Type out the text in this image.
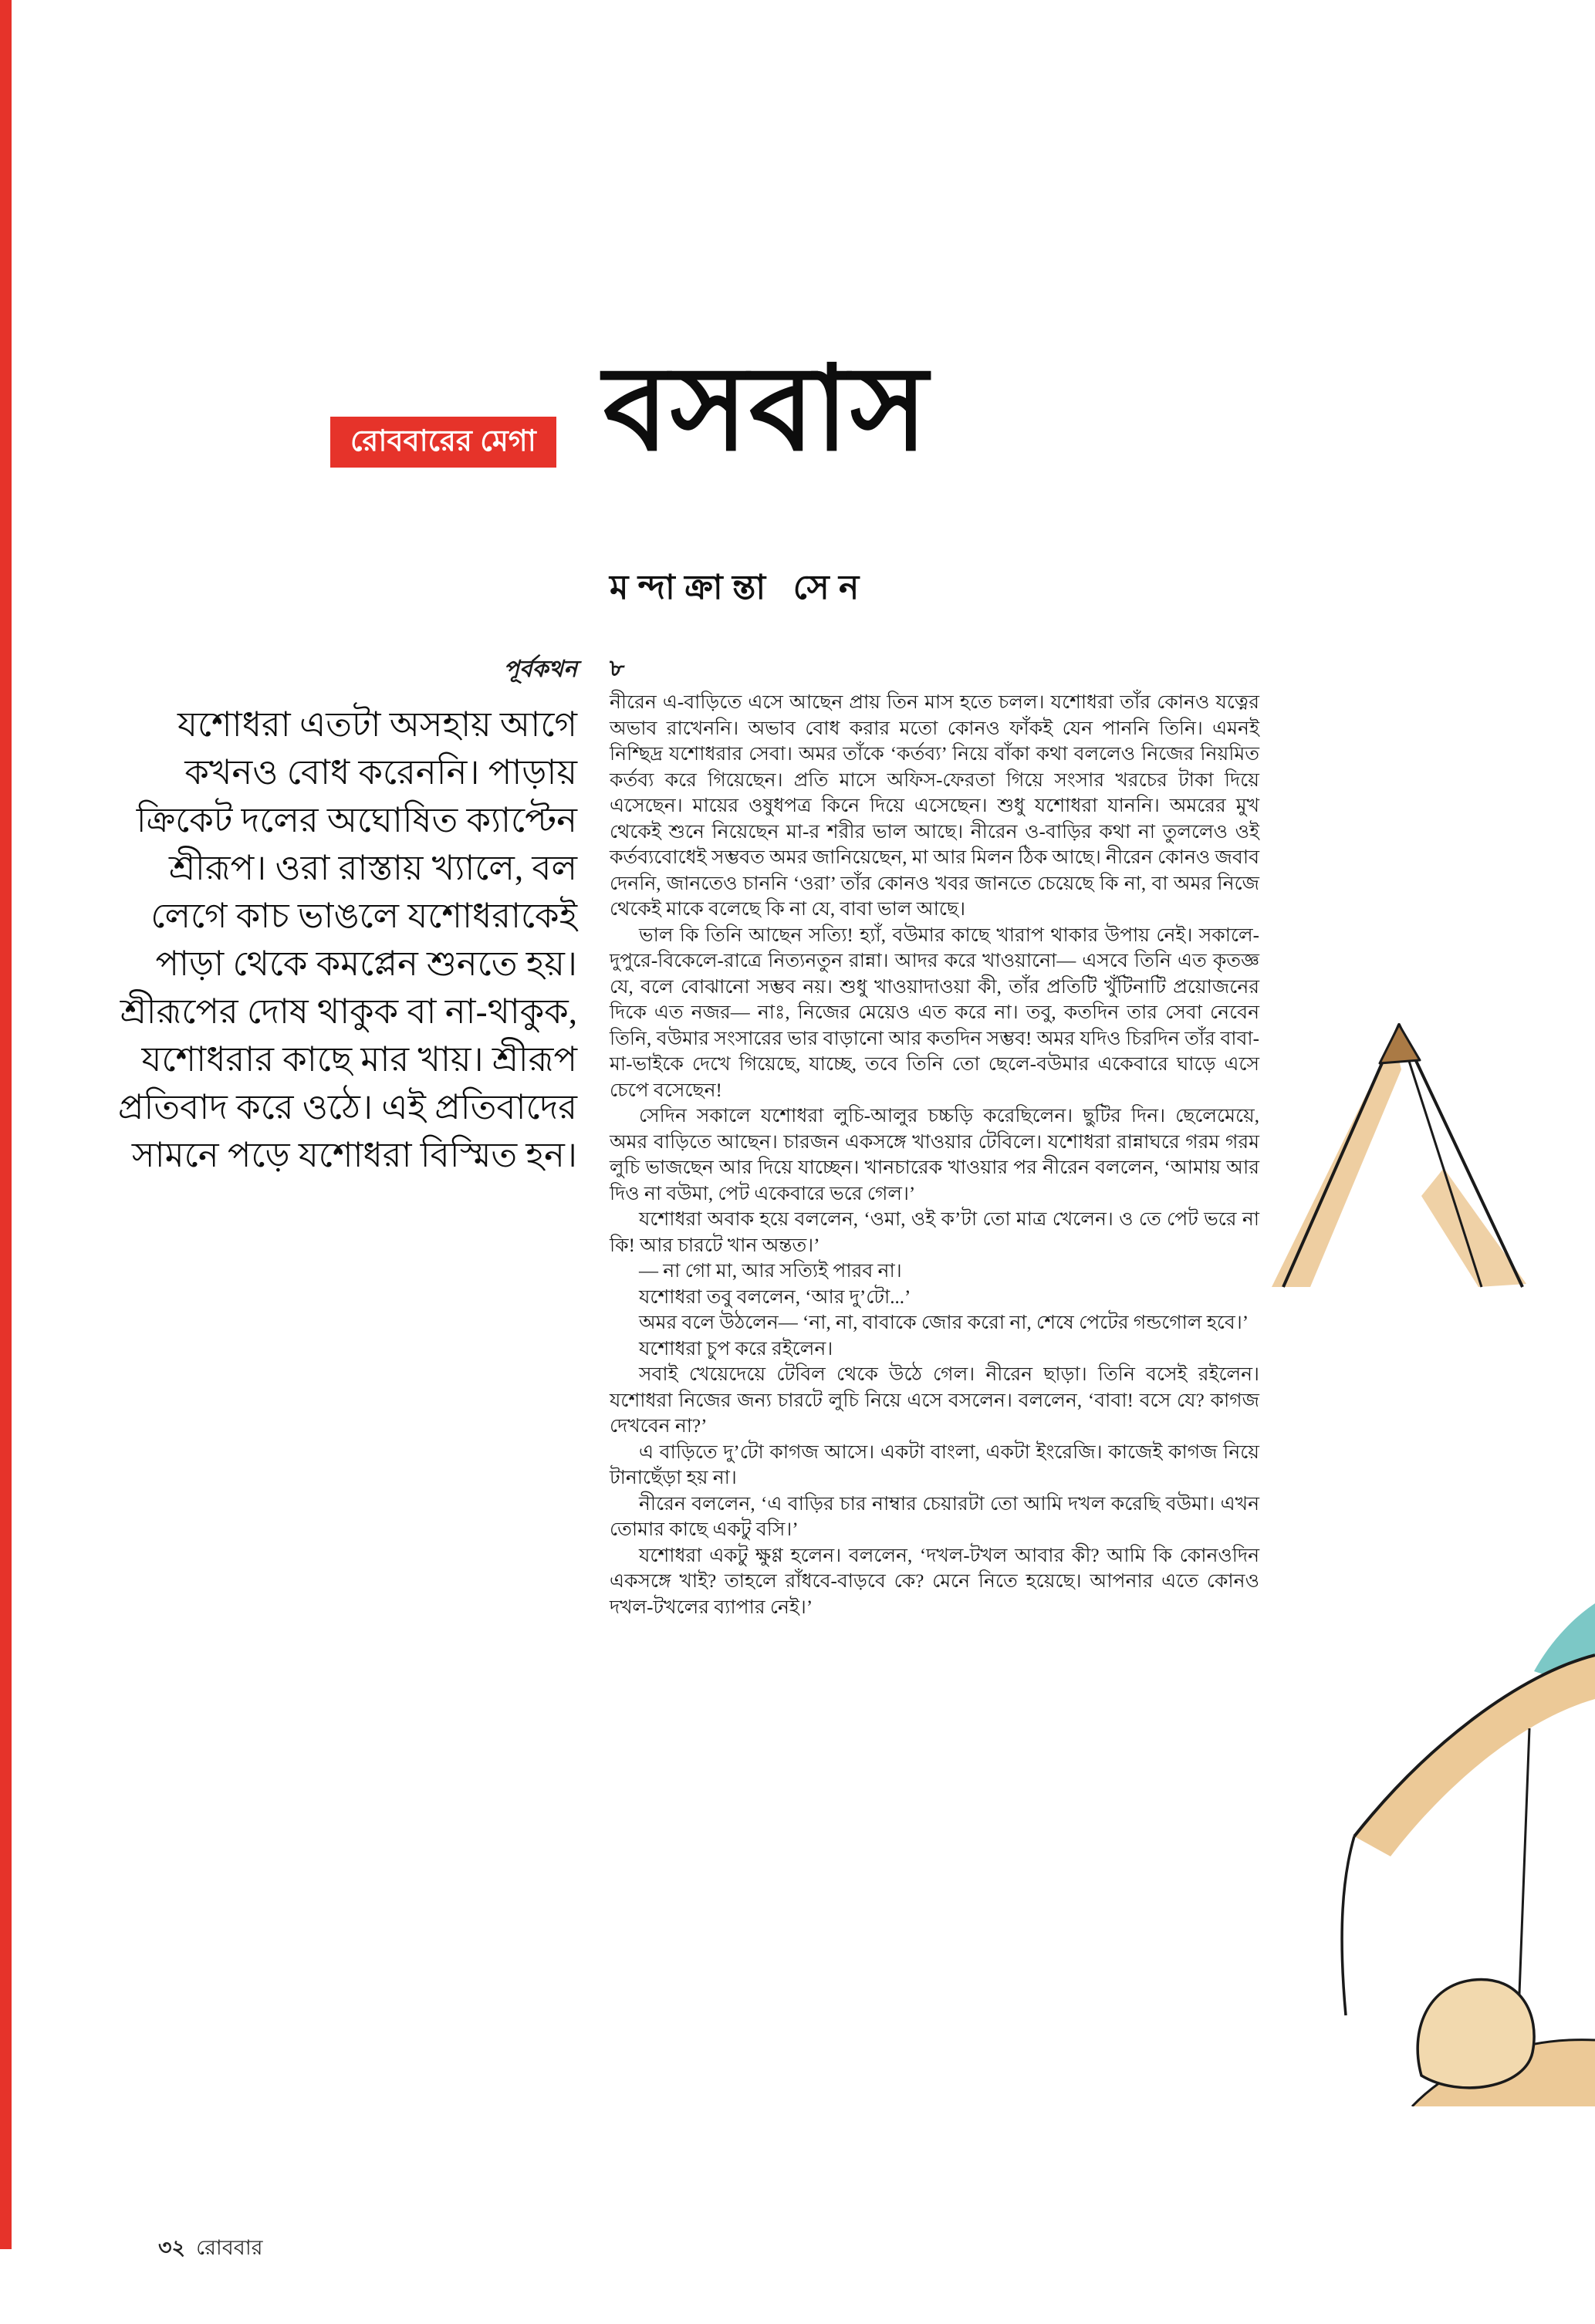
রোববারের মেগা বসবাস
মন্দাক্রান্তা সেন
পূর্বকথন
যশোধরা এতটা অসহায় আগে কখনও বোধ করেননি। পাড়ায় ক্রিকেট দলের অঘোষিত ক্যাপ্টেন শ্রীরূপ। ওরা রাস্তায় খ্যালে, বল লেগে কাচ ভাঙলে যশোধরাকেই পাড়া থেকে কমপ্লেন শুনতে হয়। শ্রীরূপের দোষ থাকুক বা না-থাকুক, যশোধরার কাছে মার খায়। শ্রীরূপ প্রতিবাদ করে ওঠে। এই প্রতিবাদের সামনে পড়ে যশোধরা বিস্মিত হন।
৮

নীরেন এ-বাড়িতে এসে আছেন প্রায় তিন মাস হতে চলল। যশোধরা তাঁর কোনও যত্নের অভাব রাখেননি। অভাব বোধ করার মতো কোনও ফাঁকই যেন পাননি তিনি। এমনই নিশ্ছিদ্র যশোধরার সেবা। অমর তাঁকে ‘কর্তব্য’ নিয়ে বাঁকা কথা বললেও নিজের নিয়মিত কর্তব্য করে গিয়েছেন। প্রতি মাসে অফিস-ফেরতা গিয়ে সংসার খরচের টাকা দিয়ে এসেছেন। মায়ের ওষুধপত্র কিনে দিয়ে এসেছেন। শুধু যশোধরা যাননি। অমরের মুখ থেকেই শুনে নিয়েছেন মা-র শরীর ভাল আছে। নীরেন ও-বাড়ির কথা না তুললেও ওই কর্তব্যবোধেই সম্ভবত অমর জানিয়েছেন, মা আর মিলন ঠিক আছে। নীরেন কোনও জবাব দেননি, জানতেও চাননি ‘ওরা’ তাঁর কোনও খবর জানতে চেয়েছে কি না, বা অমর নিজে থেকেই মাকে বলেছে কি না যে, বাবা ভাল আছে।

ভাল কি তিনি আছেন সত্যি! হ্যাঁ, বউমার কাছে খারাপ থাকার উপায় নেই। সকালে-দুপুরে-বিকেলে-রাত্রে নিত্যনতুন রান্না। আদর করে খাওয়ানো— এসবে তিনি এত কৃতজ্ঞ যে, বলে বোঝানো সম্ভব নয়। শুধু খাওয়াদাওয়া কী, তাঁর প্রতিটি খুঁটিনাটি প্রয়োজনের দিকে এত নজর— নাঃ, নিজের মেয়েও এত করে না। তবু, কতদিন তার সেবা নেবেন তিনি, বউমার সংসারের ভার বাড়ানো আর কতদিন সম্ভব! অমর যদিও চিরদিন তাঁর বাবা-মা-ভাইকে দেখে গিয়েছে, যাচ্ছে, তবে তিনি তো ছেলে-বউমার একেবারে ঘাড়ে এসে চেপে বসেছেন!

সেদিন সকালে যশোধরা লুচি-আলুর চচ্চড়ি করেছিলেন। ছুটির দিন। ছেলেমেয়ে, অমর বাড়িতে আছেন। চারজন একসঙ্গে খাওয়ার টেবিলে। যশোধরা রান্নাঘরে গরম গরম লুচি ভাজছেন আর দিয়ে যাচ্ছেন। খানচারেক খাওয়ার পর নীরেন বললেন, ‘আমায় আর দিও না বউমা, পেট একেবারে ভরে গেল।’

যশোধরা অবাক হয়ে বললেন, ‘ওমা, ওই ক’টা তো মাত্র খেলেন। ও তে পেট ভরে না কি! আর চারটে খান অন্তত।’

— না গো মা, আর সত্যিই পারব না।

যশোধরা তবু বললেন, ‘আর দু’টো...’

অমর বলে উঠলেন— ‘না, না, বাবাকে জোর করো না, শেষে পেটের গন্ডগোল হবে।’

যশোধরা চুপ করে রইলেন।

সবাই খেয়েদেয়ে টেবিল থেকে উঠে গেল। নীরেন ছাড়া। তিনি বসেই রইলেন। যশোধরা নিজের জন্য চারটে লুচি নিয়ে এসে বসলেন। বললেন, ‘বাবা! বসে যে? কাগজ দেখবেন না?’

এ বাড়িতে দু’টো কাগজ আসে। একটা বাংলা, একটা ইংরেজি। কাজেই কাগজ নিয়ে টানাছেঁড়া হয় না।

নীরেন বললেন, ‘এ বাড়ির চার নাম্বার চেয়ারটা তো আমি দখল করেছি বউমা। এখন তোমার কাছে একটু বসি।’

যশোধরা একটু ক্ষুণ্ণ হলেন। বললেন, ‘দখল-টখল আবার কী? আমি কি কোনওদিন একসঙ্গে খাই? তাহলে রাঁধবে-বাড়বে কে? মেনে নিতে হয়েছে। আপনার এতে কোনও দখল-টখলের ব্যাপার নেই।’

৩২ রোববার
